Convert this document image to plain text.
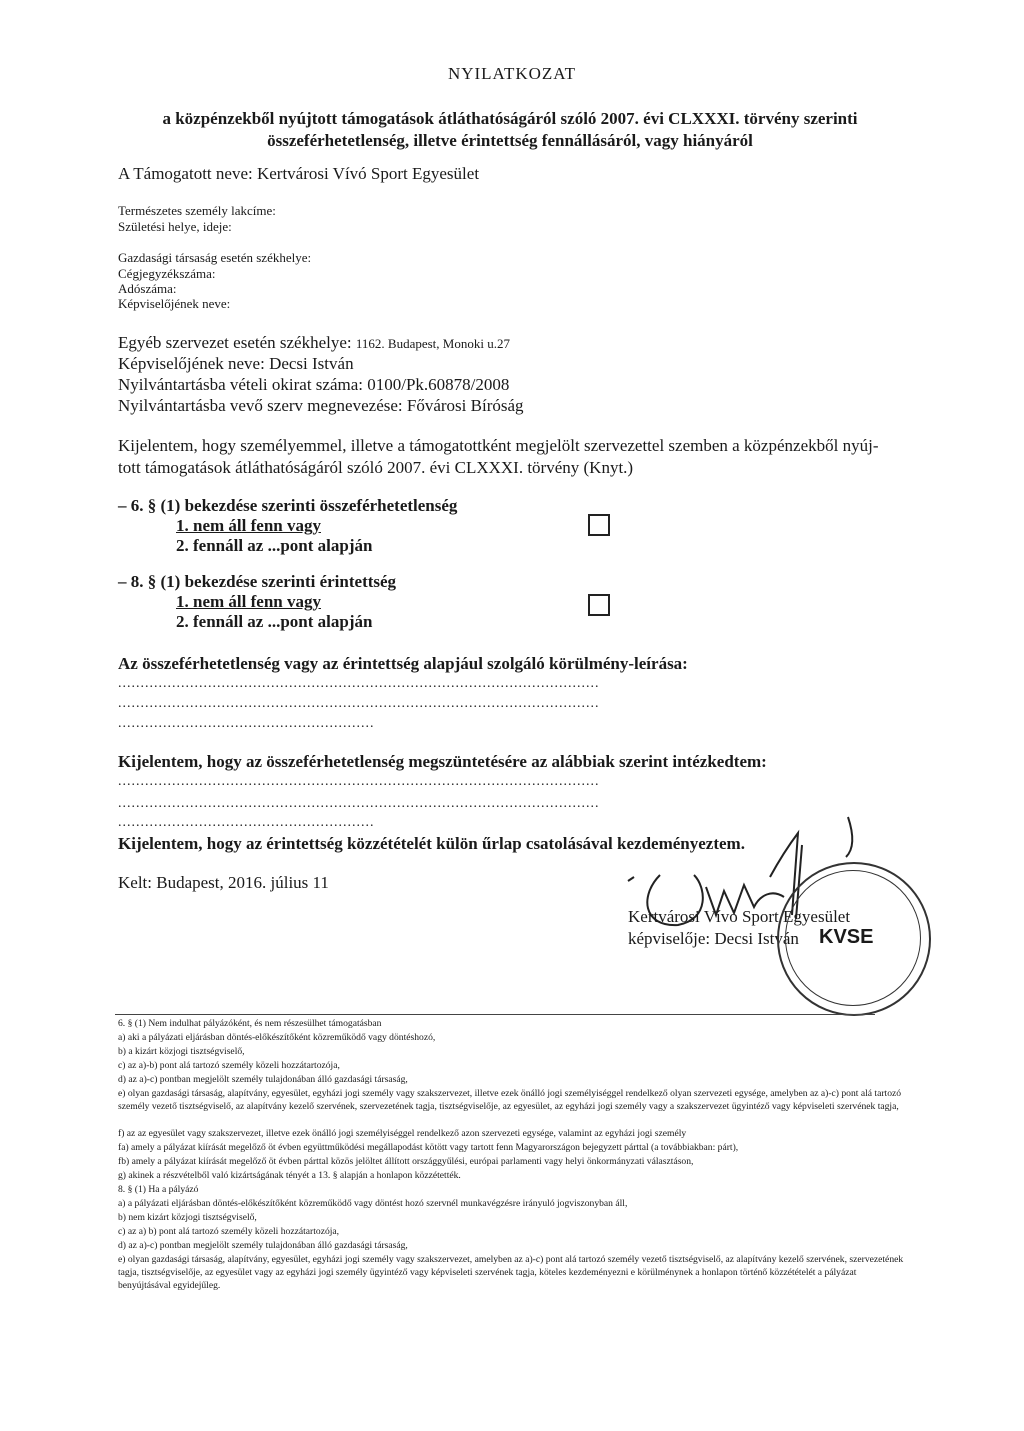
NYILATKOZAT
a közpénzekből nyújtott támogatások átláthatóságáról szóló 2007. évi CLXXXI. törvény szerinti összeférhetetlenség, illetve érintettség fennállásáról, vagy hiányáról
A Támogatott neve: Kertvárosi Vívó Sport Egyesület
Természetes személy lakcíme:
Születési helye, ideje:
Gazdasági társaság esetén székhelye:
Cégjegyzékszáma:
Adószáma:
Képviselőjének neve:
Egyéb szervezet esetén székhelye: 1162. Budapest, Monoki u.27
Képviselőjének neve: Decsi István
Nyilvántartásba vételi okirat száma: 0100/Pk.60878/2008
Nyilvántartásba vevő szerv megnevezése: Fővárosi Bíróság
Kijelentem, hogy személyemmel, illetve a támogatottként megjelölt szervezettel szemben a közpénzekből nyúj-
tott támogatások átláthatóságáról szóló 2007. évi CLXXXI. törvény (Knyt.)
– 6. § (1) bekezdése szerinti összeférhetetlenség
1. nem áll fenn vagy
2. fennáll az ...pont alapján
– 8. § (1) bekezdése szerinti érintettség
1. nem áll fenn vagy
2. fennáll az ...pont alapján
Az összeférhetetlenség vagy az érintettség alapjául szolgáló körülmény-leírása:
...........................................................................................................
...........................................................................................................
.........................................................
Kijelentem, hogy az összeférhetetlenség megszüntetésére az alábbiak szerint intézkedtem:
...........................................................................................................
...........................................................................................................
.........................................................
Kijelentem, hogy az érintettség közzétételét külön űrlap csatolásával kezdeményeztem.
Kelt: Budapest, 2016. július 11
Kertvárosi Vívó Sport Egyesület
képviselője: Decsi István KVSE
6. § (1) Nem indulhat pályázóként, és nem részesülhet támogatásban
a) aki a pályázati eljárásban döntés-előkészítőként közreműködő vagy döntéshozó,
b) a kizárt közjogi tisztségviselő,
c) az a)-b) pont alá tartozó személy közeli hozzátartozója,
d) az a)-c) pontban megjelölt személy tulajdonában álló gazdasági társaság,
e) olyan gazdasági társaság, alapítvány, egyesület, egyházi jogi személy vagy szakszervezet, illetve ezek önálló jogi személyiséggel rendelkező olyan szervezeti egysége, amelyben az a)-c) pont alá tartozó személy vezető tisztségviselő, az alapítvány kezelő szervének, szervezetének tagja, tisztségviselője, az egyesület, az egyházi jogi személy vagy a szakszervezet ügyintéző vagy képviseleti szervének tagja,
f) az az egyesület vagy szakszervezet, illetve ezek önálló jogi személyiséggel rendelkező azon szervezeti egysége, valamint az egyházi jogi személy
fa) amely a pályázat kiírását megelőző öt évben együttműködési megállapodást kötött vagy tartott fenn Magyarországon bejegyzett párttal (a továbbiakban: párt),
fb) amely a pályázat kiírását megelőző öt évben párttal közös jelöltet állított országgyűlési, európai parlamenti vagy helyi önkormányzati választáson,
g) akinek a részvételből való kizártságának tényét a 13. § alapján a honlapon közzétették.
8. § (1) Ha a pályázó
a) a pályázati eljárásban döntés-előkészítőként közreműködő vagy döntést hozó szervnél munkavégzésre irányuló jogviszonyban áll,
b) nem kizárt közjogi tisztségviselő,
c) az a) b) pont alá tartozó személy közeli hozzátartozója,
d) az a)-c) pontban megjelölt személy tulajdonában álló gazdasági társaság,
e) olyan gazdasági társaság, alapítvány, egyesület, egyházi jogi személy vagy szakszervezet, amelyben az a)-c) pont alá tartozó személy vezető tisztségviselő, az alapítvány kezelő szervének, szervezetének tagja, tisztségviselője, az egyesület vagy az egyházi jogi személy ügyintéző vagy képviseleti szervének tagja, köteles kezdeményezni e körülménynek a honlapon történő közzétételét a pályázat benyújtásával egyidejűleg.
